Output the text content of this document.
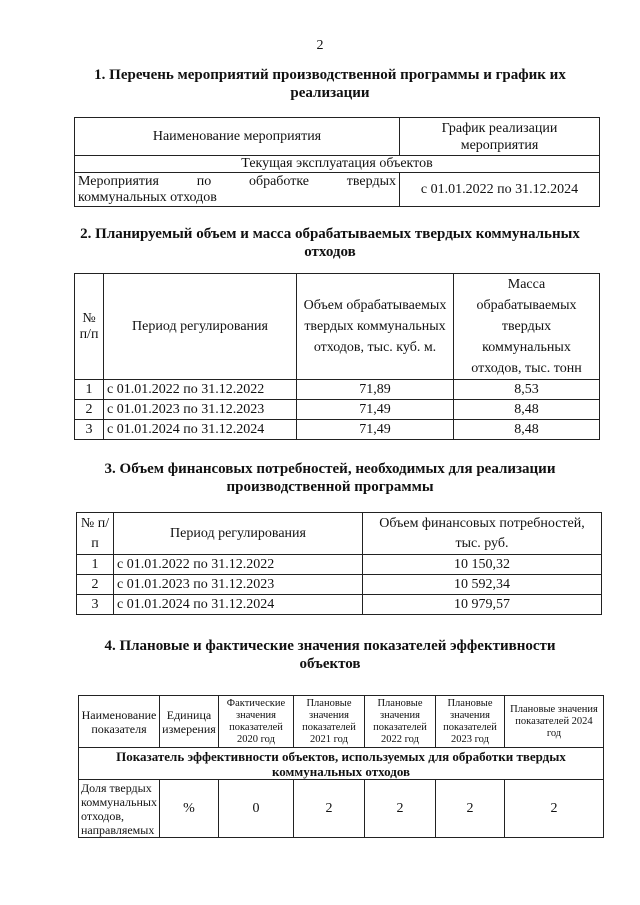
2
1. Перечень мероприятий производственной программы и график их
реализации
Наименование мероприятия	График реализации мероприятия
Текущая эксплуатация объектов	

Мероприятия по обработке твердых
коммунальных отходов	с 01.01.2022 по 31.12.2024
2. Планируемый объем и масса обрабатываемых твердых коммунальных
отходов
№ п/п	Период регулирования	Объем обрабатываемых твердых коммунальных отходов, тыс. куб. м.	Масса обрабатываемых твердых коммунальных отходов, тыс. тонн
1	с 01.01.2022 по 31.12.2022	71,89	8,53
2	с 01.01.2023 по 31.12.2023	71,49	8,48
3	с 01.01.2024 по 31.12.2024	71,49	8,48
3. Объем финансовых потребностей, необходимых для реализации
производственной программы
№ п/п	Период регулирования	Объем финансовых потребностей, тыс. руб.
1	с 01.01.2022 по 31.12.2022	10 150,32
2	с 01.01.2023 по 31.12.2023	10 592,34
3	с 01.01.2024 по 31.12.2024	10 979,57
4. Плановые и фактические значения показателей эффективности
объектов
Наименование показателя	Единица измерения	Фактические значения показателей 2020 год	Плановые значения показателей 2021 год	Плановые значения показателей 2022 год	Плановые значения показателей 2023 год	Плановые значения показателей 2024 год
Показатель эффективности объектов, используемых для обработки твердых коммунальных отходов						
Доля твердых коммунальных отходов, направляемых	%	0	2	2	2	2
